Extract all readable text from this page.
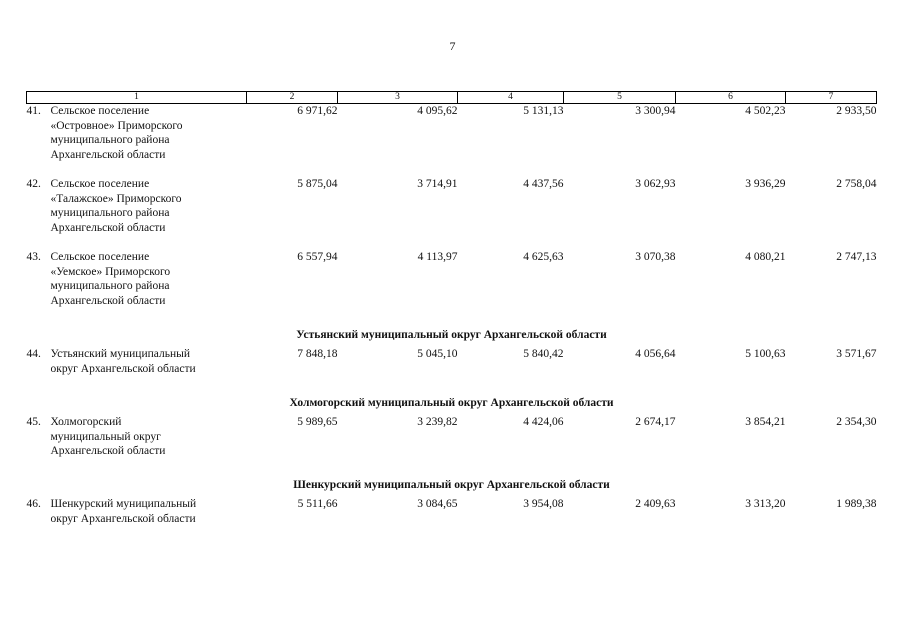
7
1	2	3	4	5	6	7

41. Сельское поселение
«Островное» Приморского
муниципального района
Архангельской области	6 971,62	4 095,62	5 131,13	3 300,94	4 502,23	2 933,50

42. Сельское поселение
«Талажское» Приморского
муниципального района
Архангельской области	5 875,04	3 714,91	4 437,56	3 062,93	3 936,29	2 758,04

43. Сельское поселение
«Уемское» Приморского
муниципального района
Архангельской области	6 557,94	4 113,97	4 625,63	3 070,38	4 080,21	2 747,13
Устьянский муниципальный округ Архангельской области						

44. Устьянский муниципальный
округ Архангельской области	7 848,18	5 045,10	5 840,42	4 056,64	5 100,63	3 571,67
Холмогорский муниципальный округ Архангельской области						

45. Холмогорский
муниципальный округ
Архангельской области	5 989,65	3 239,82	4 424,06	2 674,17	3 854,21	2 354,30
Шенкурский муниципальный округ Архангельской области						

46. Шенкурский муниципальный
округ Архангельской области	5 511,66	3 084,65	3 954,08	2 409,63	3 313,20	1 989,38
